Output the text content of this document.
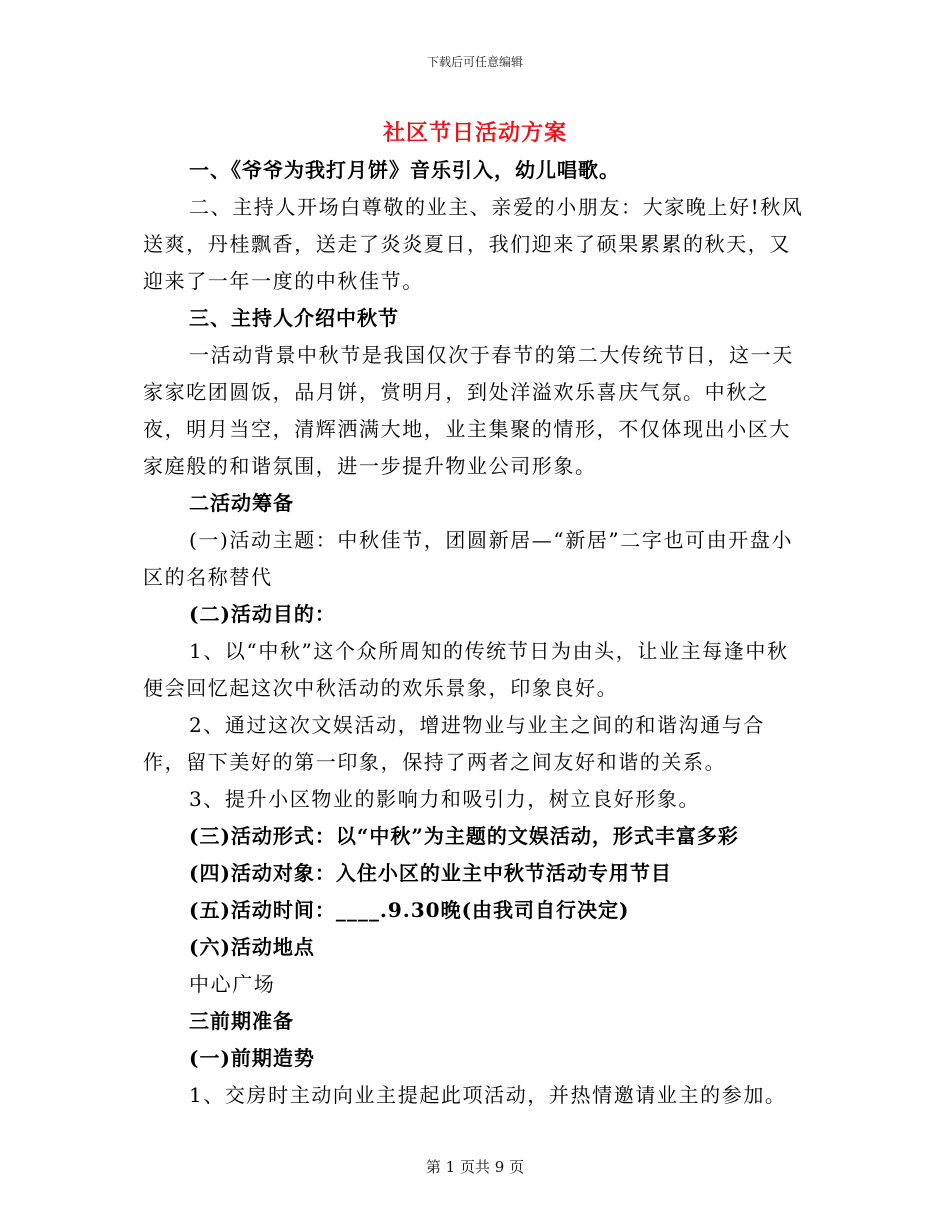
下载后可任意编辑
社区节日活动方案

一、《爷爷为我打月饼》音乐引入，幼儿唱歌。

二、主持人开场白尊敬的业主、亲爱的小朋友：大家晚上好!秋风送爽，丹桂飘香，送走了炎炎夏日，我们迎来了硕果累累的秋天，又迎来了一年一度的中秋佳节。

三、主持人介绍中秋节

一活动背景中秋节是我国仅次于春节的第二大传统节日，这一天家家吃团圆饭，品月饼，赏明月，到处洋溢欢乐喜庆气氛。中秋之夜，明月当空，清辉洒满大地，业主集聚的情形，不仅体现出小区大家庭般的和谐氛围，进一步提升物业公司形象。

二活动筹备

(一)活动主题：中秋佳节，团圆新居—“新居”二字也可由开盘小区的名称替代

(二)活动目的：

1、以“中秋”这个众所周知的传统节日为由头，让业主每逢中秋便会回忆起这次中秋活动的欢乐景象，印象良好。

2、通过这次文娱活动，增进物业与业主之间的和谐沟通与合作，留下美好的第一印象，保持了两者之间友好和谐的关系。

3、提升小区物业的影响力和吸引力，树立良好形象。

(三)活动形式：以“中秋”为主题的文娱活动，形式丰富多彩

(四)活动对象：入住小区的业主中秋节活动专用节目

(五)活动时间：____.9.30晚(由我司自行决定)

(六)活动地点

中心广场

三前期准备

(一)前期造势

1、交房时主动向业主提起此项活动，并热情邀请业主的参加。

第 1 页共 9 页
